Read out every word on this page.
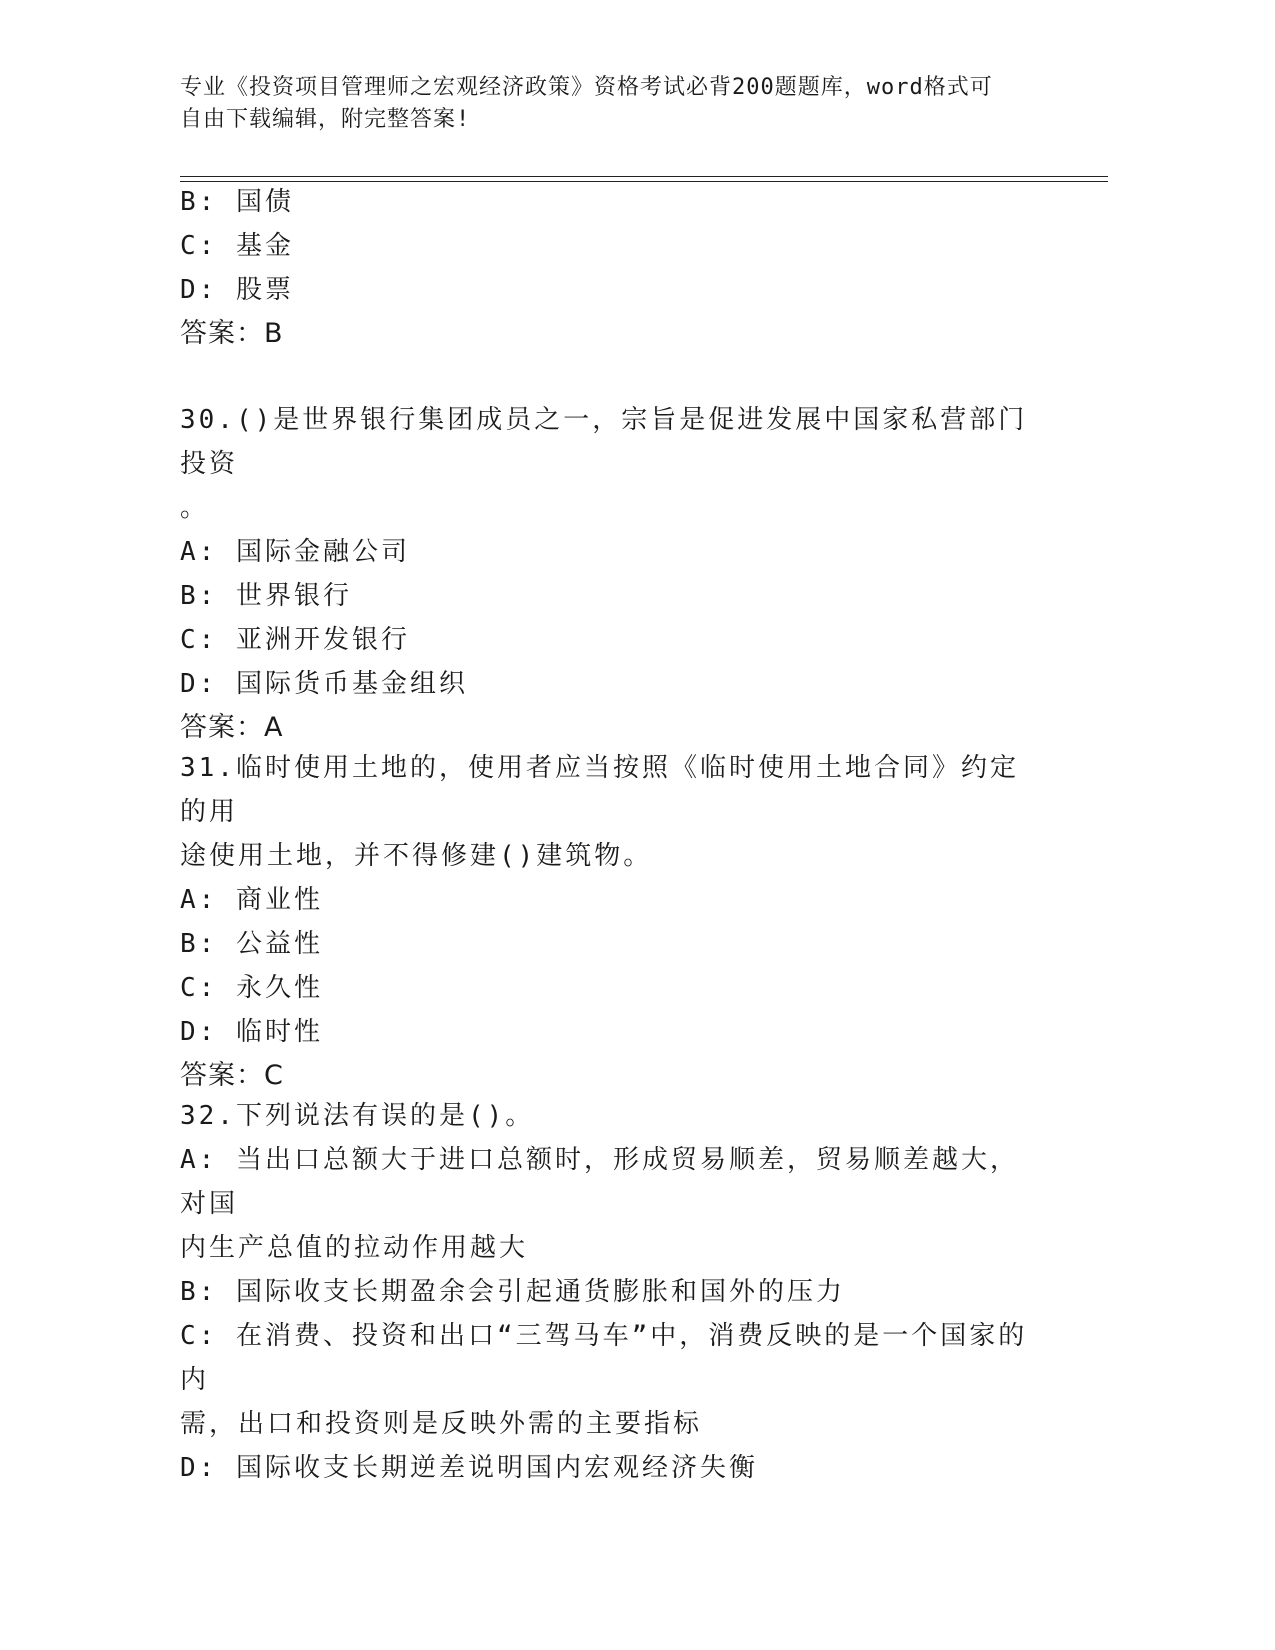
专业《投资项目管理师之宏观经济政策》资格考试必背200题题库，word格式可
自由下载编辑，附完整答案!
B: 国债
C: 基金
D: 股票
答案：B
30.()是世界银行集团成员之一，宗旨是促进发展中国家私营部门投资
。
A: 国际金融公司
B: 世界银行
C: 亚洲开发银行
D: 国际货币基金组织
答案：A
31.临时使用土地的，使用者应当按照《临时使用土地合同》约定的用
途使用土地，并不得修建()建筑物。
A: 商业性
B: 公益性
C: 永久性
D: 临时性
答案：C
32.下列说法有误的是()。
A: 当出口总额大于进口总额时，形成贸易顺差，贸易顺差越大，对国
内生产总值的拉动作用越大
B: 国际收支长期盈余会引起通货膨胀和国外的压力
C: 在消费、投资和出口“三驾马车”中，消费反映的是一个国家的内
需，出口和投资则是反映外需的主要指标
D: 国际收支长期逆差说明国内宏观经济失衡
